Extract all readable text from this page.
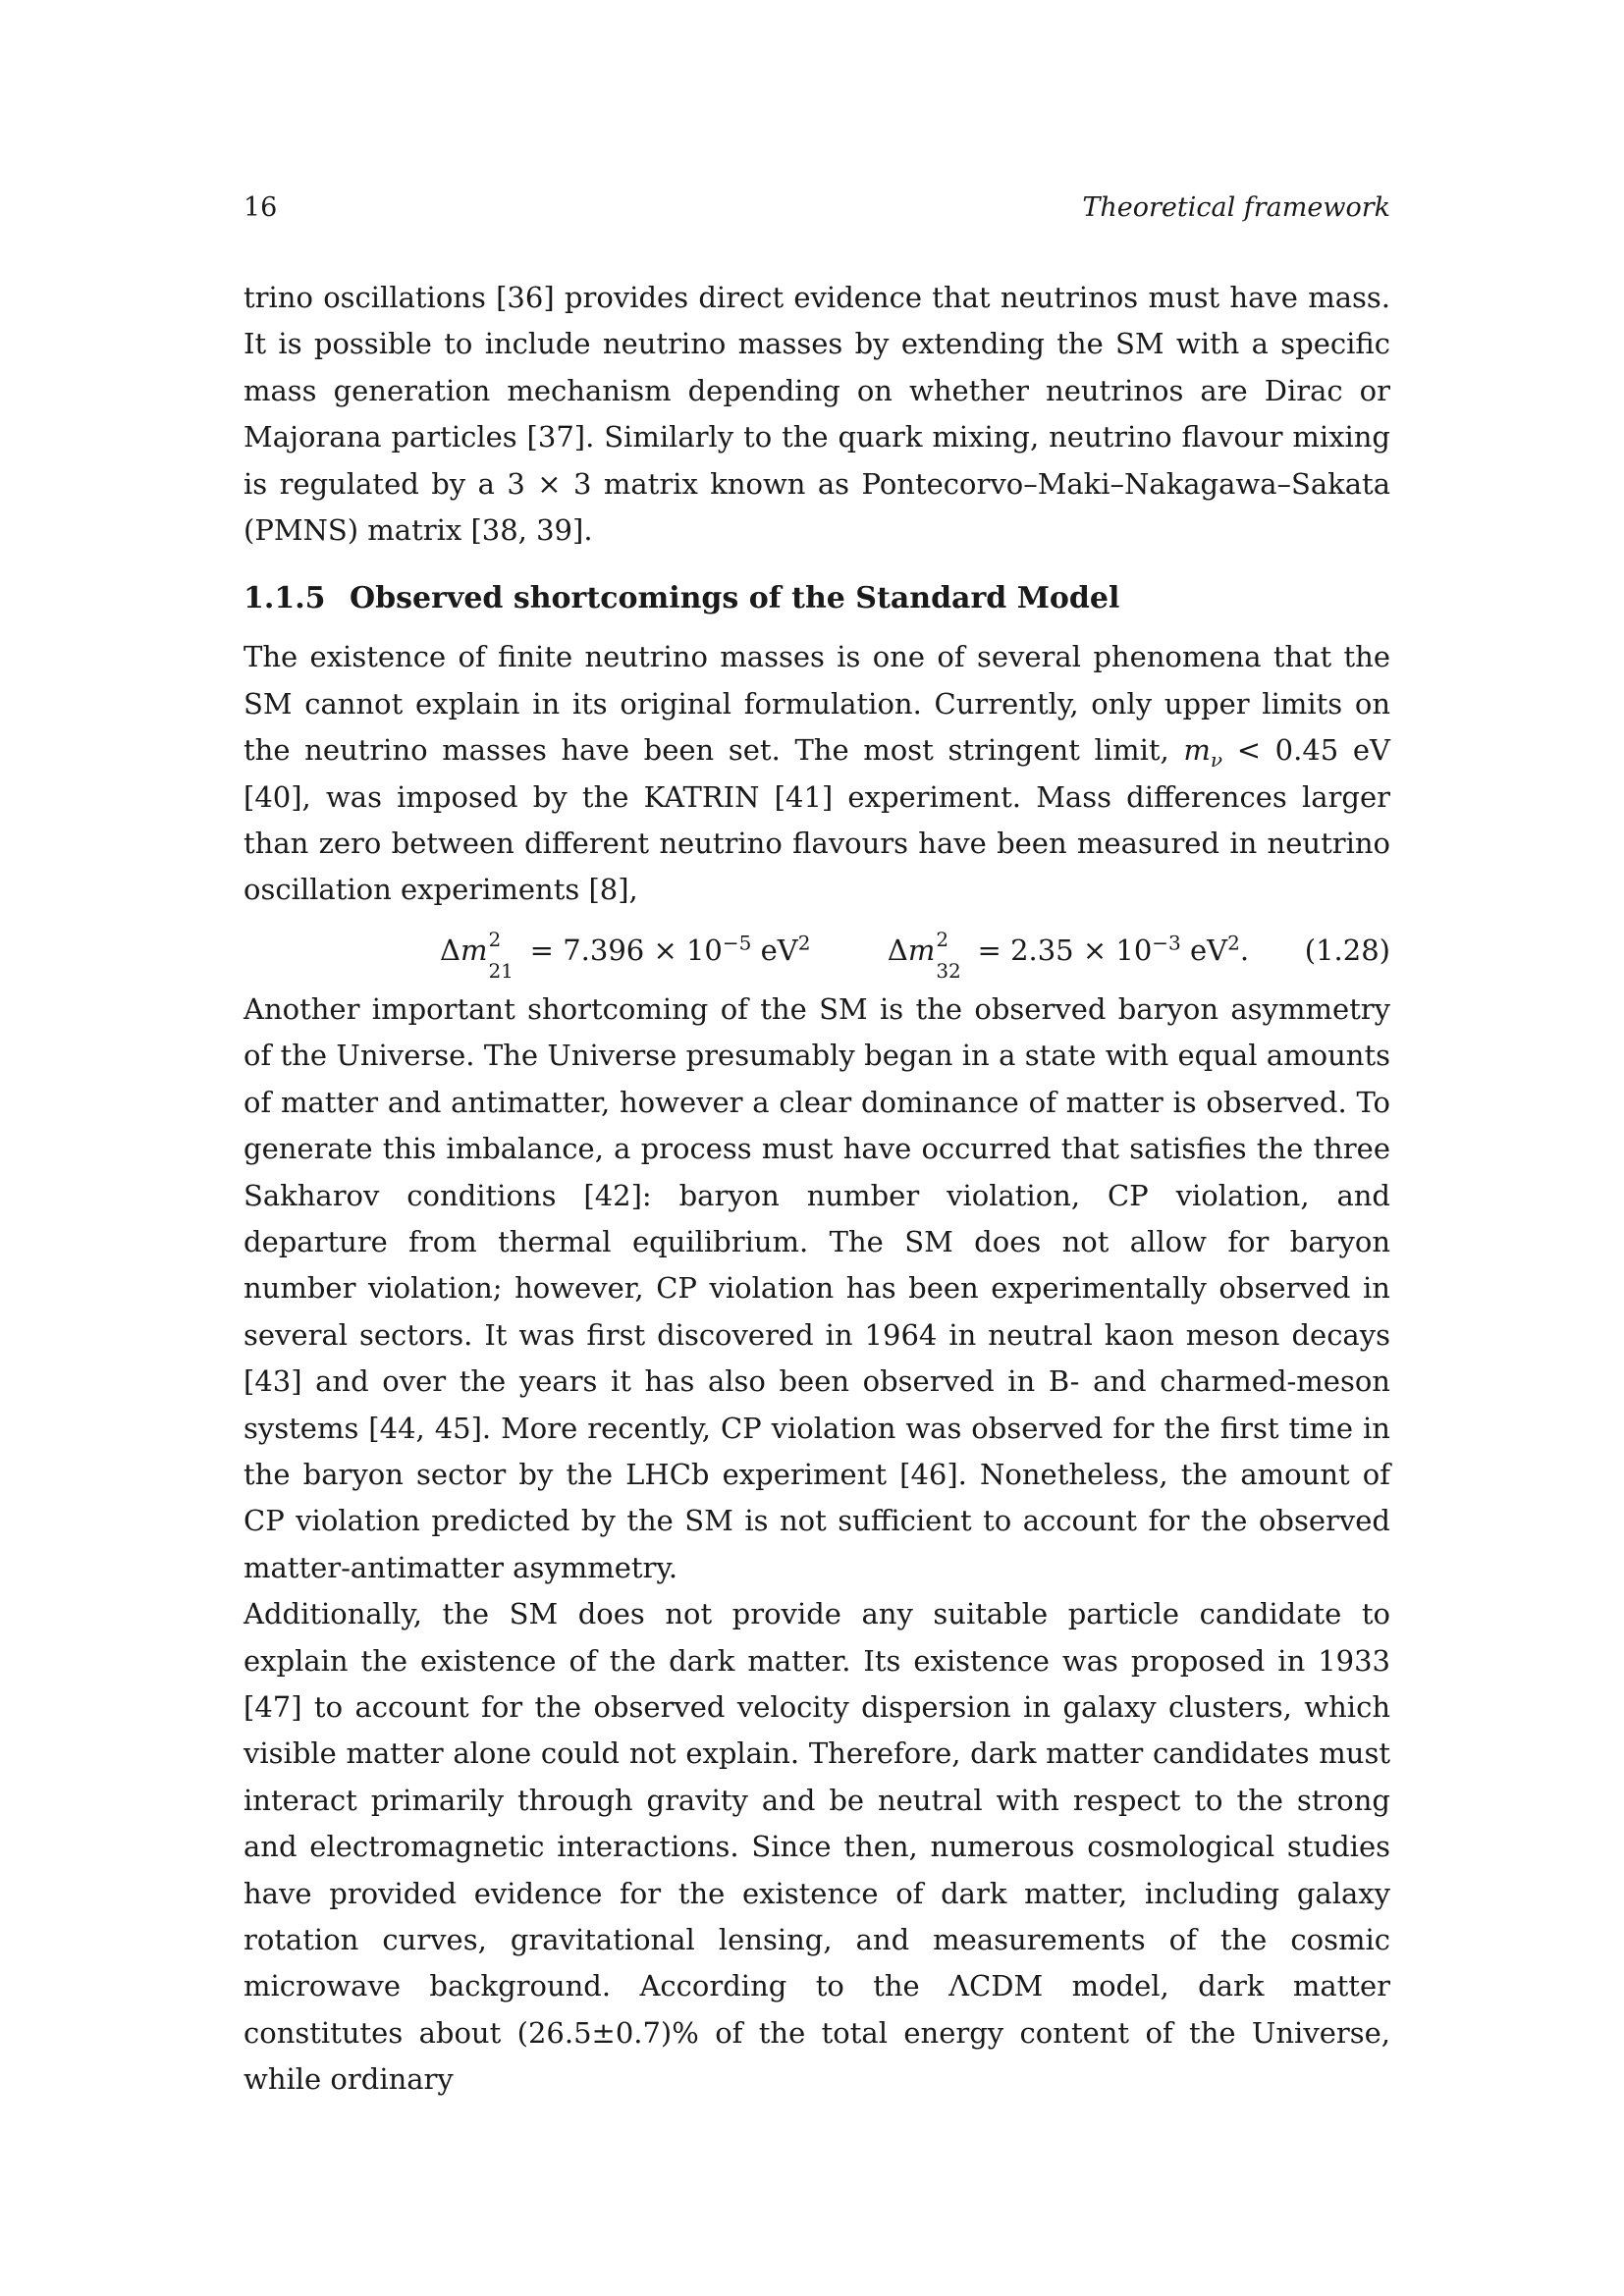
16	Theoretical framework

trino oscillations [36] provides direct evidence that neutrinos must have mass. It is possible to include neutrino masses by extending the SM with a specific mass generation mechanism depending on whether neutrinos are Dirac or Majorana particles [37]. Similarly to the quark mixing, neutrino flavour mixing is regulated by a 3 × 3 matrix known as Pontecorvo–Maki–Nakagawa–Sakata (PMNS) matrix [38, 39].

1.1.5 Observed shortcomings of the Standard Model

The existence of finite neutrino masses is one of several phenomena that the SM cannot explain in its original formulation. Currently, only upper limits on the neutrino masses have been set. The most stringent limit, $m_\nu < 0.45$ eV [40], was imposed by the KATRIN [41] experiment. Mass differences larger than zero between different neutrino flavours have been measured in neutrino oscillation experiments [8],

Δm 2
21
= $7.396 \times 10^{-5}$ $eV^2$	Δm 2
32
= $2.35 \times 10^{-3}$ $eV^2$. (1.28)

Another important shortcoming of the SM is the observed baryon asymmetry of the Universe. The Universe presumably began in a state with equal amounts of matter and antimatter, however a clear dominance of matter is observed. To generate this imbalance, a process must have occurred that satisfies the three Sakharov conditions [42]: baryon number violation, CP violation, and departure from thermal equilibrium. The SM does not allow for baryon number violation; however, CP violation has been experimentally observed in several sectors. It was first discovered in 1964 in neutral kaon meson decays [43] and over the years it has also been observed in B- and charmed-meson systems [44, 45]. More recently, CP violation was observed for the first time in the baryon sector by the LHCb experiment [46]. Nonetheless, the amount of CP violation predicted by the SM is not sufficient to account for the observed matter-antimatter asymmetry.

Additionally, the SM does not provide any suitable particle candidate to explain the existence of the dark matter. Its existence was proposed in 1933 [47] to account for the observed velocity dispersion in galaxy clusters, which visible matter alone could not explain. Therefore, dark matter candidates must interact primarily through gravity and be neutral with respect to the strong and electromagnetic interactions. Since then, numerous cosmological studies have provided evidence for the existence of dark matter, including galaxy rotation curves, gravitational lensing, and measurements of the cosmic microwave background. According to the ΛCDM model, dark matter constitutes about (26.5±0.7)% of the total energy content of the Universe, while ordinary
